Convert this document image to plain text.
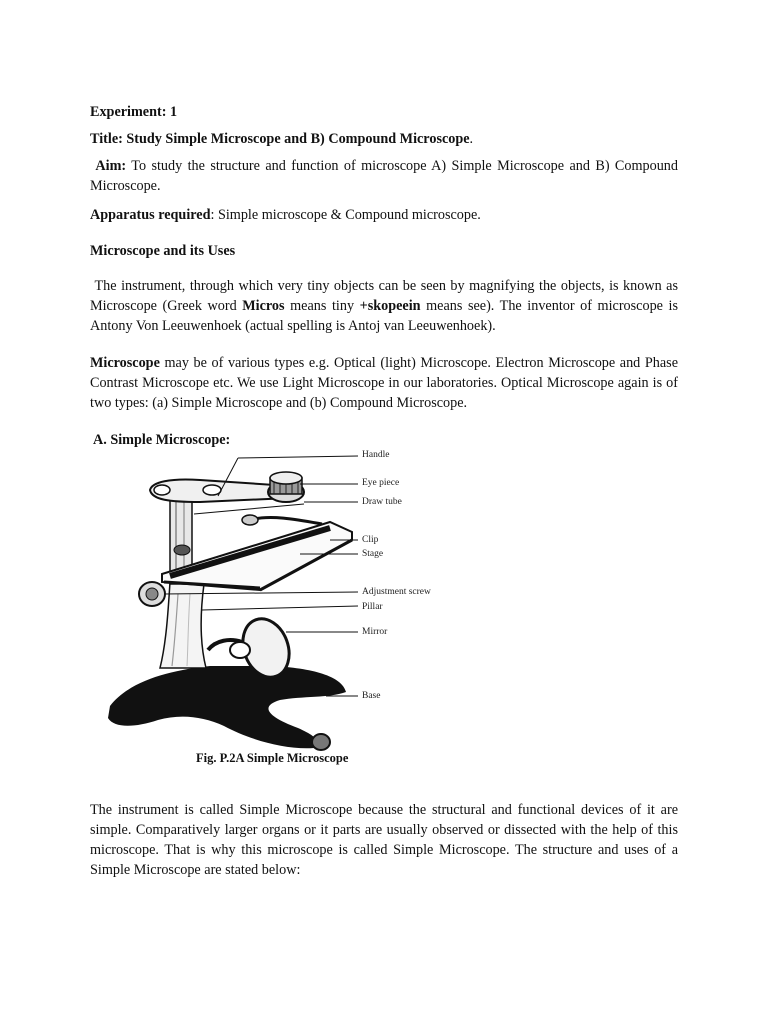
Experiment: 1

Title: Study Simple Microscope and B) Compound Microscope.

Aim: To study the structure and function of microscope A) Simple Microscope and B) Compound Microscope.

Apparatus required: Simple microscope & Compound microscope.

Microscope and its Uses

The instrument, through which very tiny objects can be seen by magnifying the objects, is known as Microscope (Greek word Micros means tiny +skopeein means see). The inventor of microscope is Antony Von Leeuwenhoek (actual spelling is Antoj van Leeuwenhoek).

Microscope may be of various types e.g. Optical (light) Microscope. Electron Microscope and Phase Contrast Microscope etc. We use Light Microscope in our laboratories. Optical Microscope again is of two types: (a) Simple Microscope and (b) Compound Microscope.

A. Simple Microscope:

Handle
Eye piece
Draw tube
Clip
Stage
Adjustment screw
Pillar
Mirror
Base
Fig. P.2A Simple Microscope

The instrument is called Simple Microscope because the structural and functional devices of it are simple. Comparatively larger organs or it parts are usually observed or dissected with the help of this microscope. That is why this microscope is called Simple Microscope. The structure and uses of a Simple Microscope are stated below:
